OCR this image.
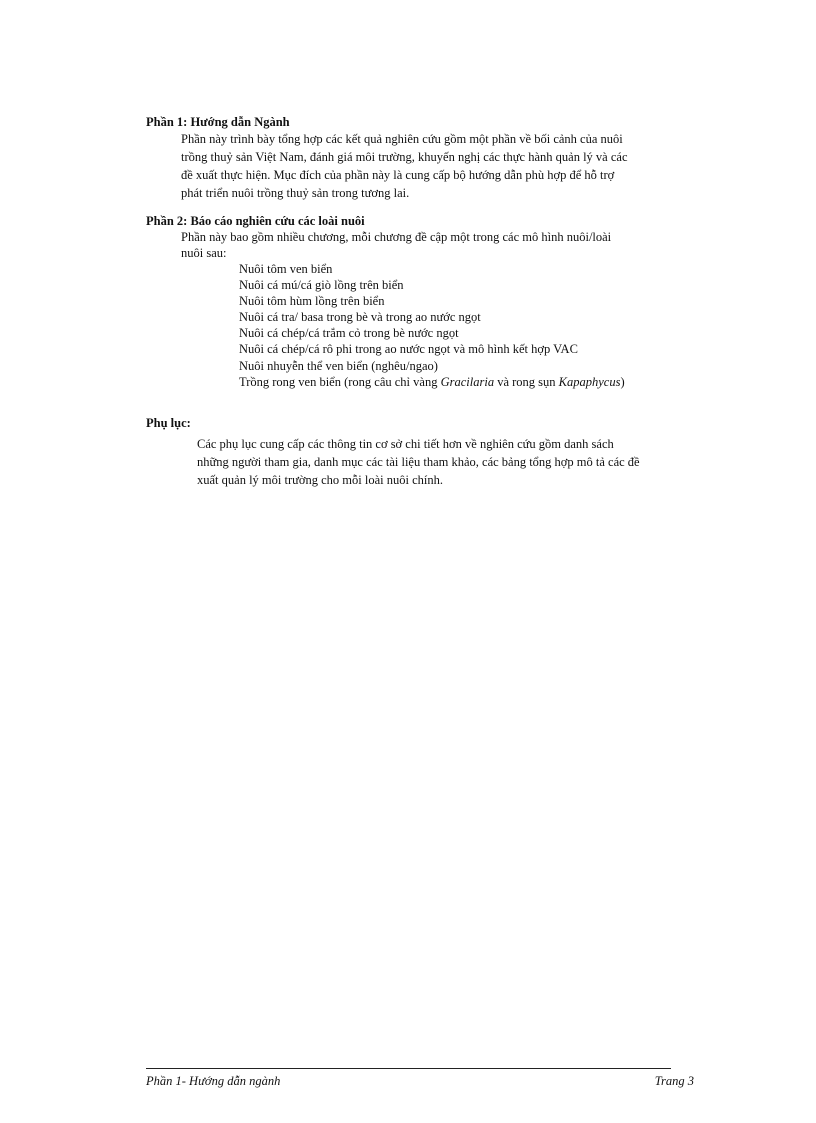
Phần 1: Hướng dẫn Ngành

Phần này trình bày tổng hợp các kết quả nghiên cứu gồm một phần về bối cảnh của nuôi
trồng thuỷ sản Việt Nam, đánh giá môi trường, khuyến nghị các thực hành quản lý và các
đề xuất thực hiện. Mục đích của phần này là cung cấp bộ hướng dẫn phù hợp để hỗ trợ
phát triển nuôi trồng thuỷ sản trong tương lai.

Phần 2: Báo cáo nghiên cứu các loài nuôi

Phần này bao gồm nhiều chương, mỗi chương đề cập một trong các mô hình nuôi/loài
nuôi sau:

Nuôi tôm ven biển
Nuôi cá mú/cá giò lồng trên biển
Nuôi tôm hùm lồng trên biển
Nuôi cá tra/ basa trong bè và trong ao nước ngọt
Nuôi cá chép/cá trắm cỏ trong bè nước ngọt
Nuôi cá chép/cá rô phi trong ao nước ngọt và mô hình kết hợp VAC
Nuôi nhuyễn thể ven biển (nghêu/ngao)
Trồng rong ven biển (rong câu chỉ vàng Gracilaria và rong sụn Kapaphycus)

Phụ lục:

Các phụ lục cung cấp các thông tin cơ sở chi tiết hơn về nghiên cứu gồm danh sách
những người tham gia, danh mục các tài liệu tham khảo, các bảng tổng hợp mô tả các đề
xuất quản lý môi trường cho mỗi loài nuôi chính.

Phần 1- Hướng dẫn ngành	Trang 3
